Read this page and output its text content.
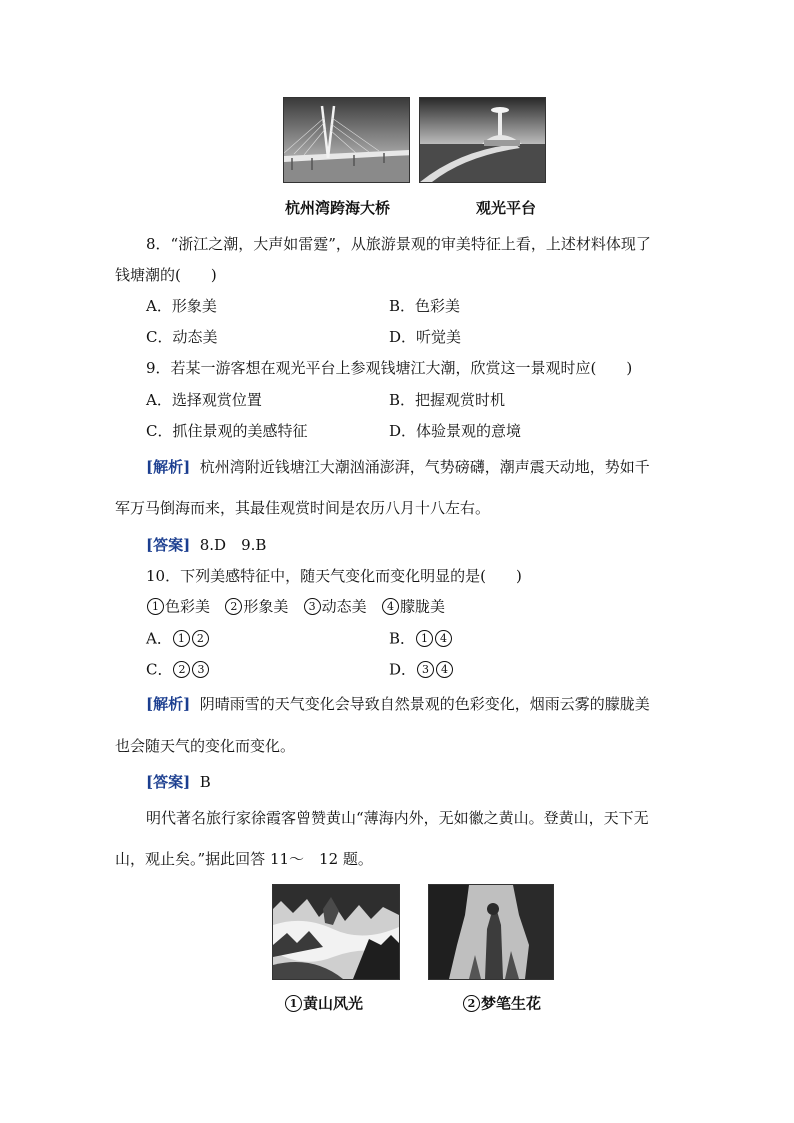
杭州湾跨海大桥	观光平台
8．“浙江之潮，大声如雷霆”，从旅游景观的审美特征上看，上述材料体现了
钱塘潮的(　　)
A．形象美	B．色彩美
C．动态美	D．听觉美
9．若某一游客想在观光平台上参观钱塘江大潮，欣赏这一景观时应(　　)
A．选择观赏位置	B．把握观赏时机
C．抓住景观的美感特征	D．体验景观的意境
[解析] 杭州湾附近钱塘江大潮汹涌澎湃，气势磅礴，潮声震天动地，势如千
军万马倒海而来，其最佳观赏时间是农历八月十八左右。
[答案] 8.D　9.B
10．下列美感特征中，随天气变化而变化明显的是(　　)
1 色彩美 2 形象美 3 动态美 4 朦胧美
A． 1 2	B． 1 4
C． 2 3	D． 3 4
[解析] 阴晴雨雪的天气变化会导致自然景观的色彩变化，烟雨云雾的朦胧美
也会随天气的变化而变化。
[答案] B
明代著名旅行家徐霞客曾赞黄山“薄海内外，无如徽之黄山。登黄山，天下无
山，观止矣。”据此回答 11～　12 题。
1 黄山风光	2 梦笔生花
